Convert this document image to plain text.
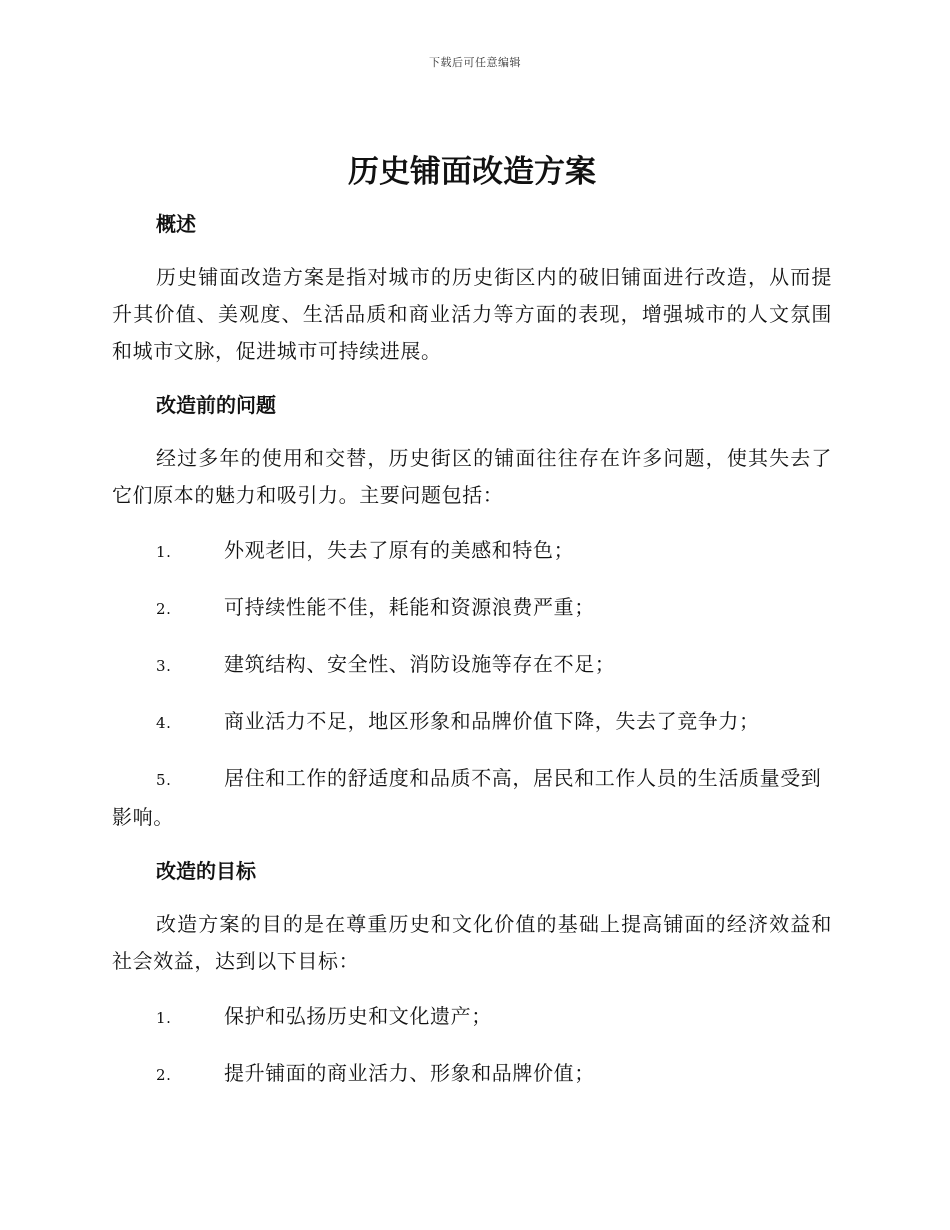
下载后可任意编辑
历史铺面改造方案
概述

历史铺面改造方案是指对城市的历史街区内的破旧铺面进行改造，从而提升其价值、美观度、生活品质和商业活力等方面的表现，增强城市的人文氛围和城市文脉，促进城市可持续进展。

改造前的问题

经过多年的使用和交替，历史街区的铺面往往存在许多问题，使其失去了它们原本的魅力和吸引力。主要问题包括：

1.	外观老旧，失去了原有的美感和特色；

2.	可持续性能不佳，耗能和资源浪费严重；

3.	建筑结构、安全性、消防设施等存在不足；

4.	商业活力不足，地区形象和品牌价值下降，失去了竞争力；

5.	居住和工作的舒适度和品质不高，居民和工作人员的生活质量受到影响。

改造的目标

改造方案的目的是在尊重历史和文化价值的基础上提高铺面的经济效益和社会效益，达到以下目标：

1.	保护和弘扬历史和文化遗产；

2.	提升铺面的商业活力、形象和品牌价值；
